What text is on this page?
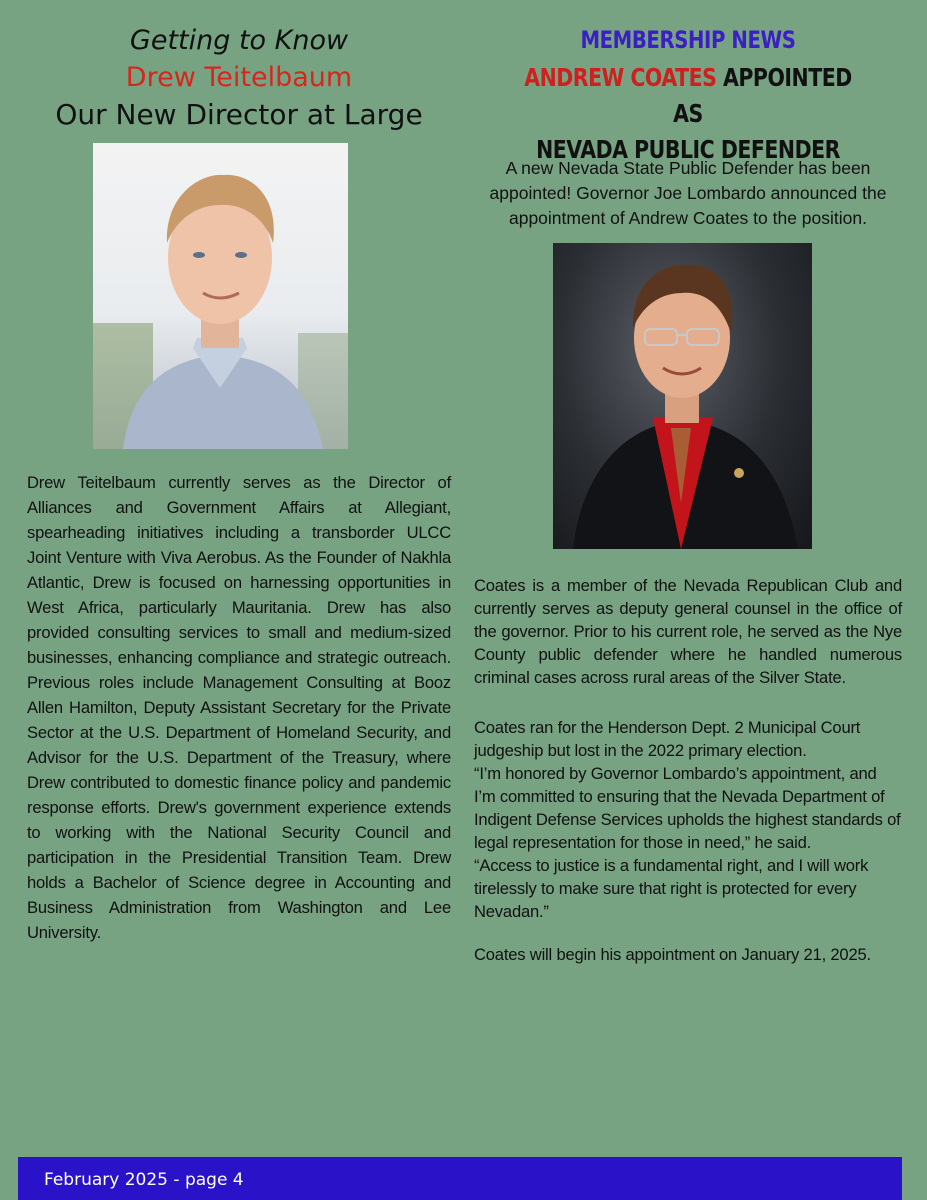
Getting to Know
Drew Teitelbaum
Our New Director at Large
Drew Teitelbaum currently serves as the Director of Alliances and Government Affairs at Allegiant, spearheading initiatives including a transborder ULCC Joint Venture with Viva Aerobus. As the Founder of Nakhla Atlantic, Drew is focused on harnessing opportunities in West Africa, particularly Mauritania. Drew has also provided consulting services to small and medium-sized businesses, enhancing compliance and strategic outreach. Previous roles include Management Consulting at Booz Allen Hamilton, Deputy Assistant Secretary for the Private Sector at the U.S. Department of Homeland Security, and Advisor for the U.S. Department of the Treasury, where Drew contributed to domestic finance policy and pandemic response efforts. Drew's government experience extends to working with the National Security Council and participation in the Presidential Transition Team. Drew holds a Bachelor of Science degree in Accounting and Business Administration from Washington and Lee University.
MEMBERSHIP NEWS
ANDREW COATES APPOINTED AS
NEVADA PUBLIC DEFENDER
A new Nevada State Public Defender has been appointed! Governor Joe Lombardo announced the appointment of Andrew Coates to the position.
Coates is a member of the Nevada Republican Club and currently serves as deputy general counsel in the office of the governor. Prior to his current role, he served as the Nye County public defender where he handled numerous criminal cases across rural areas of the Silver State.
Coates ran for the Henderson Dept. 2 Municipal Court judgeship but lost in the 2022 primary election.
“I’m honored by Governor Lombardo’s appointment, and I’m committed to ensuring that the Nevada Department of Indigent Defense Services upholds the highest standards of legal representation for those in need,” he said.
“Access to justice is a fundamental right, and I will work tirelessly to make sure that right is protected for every Nevadan.”
Coates will begin his appointment on January 21, 2025.
February 2025 - page 4
